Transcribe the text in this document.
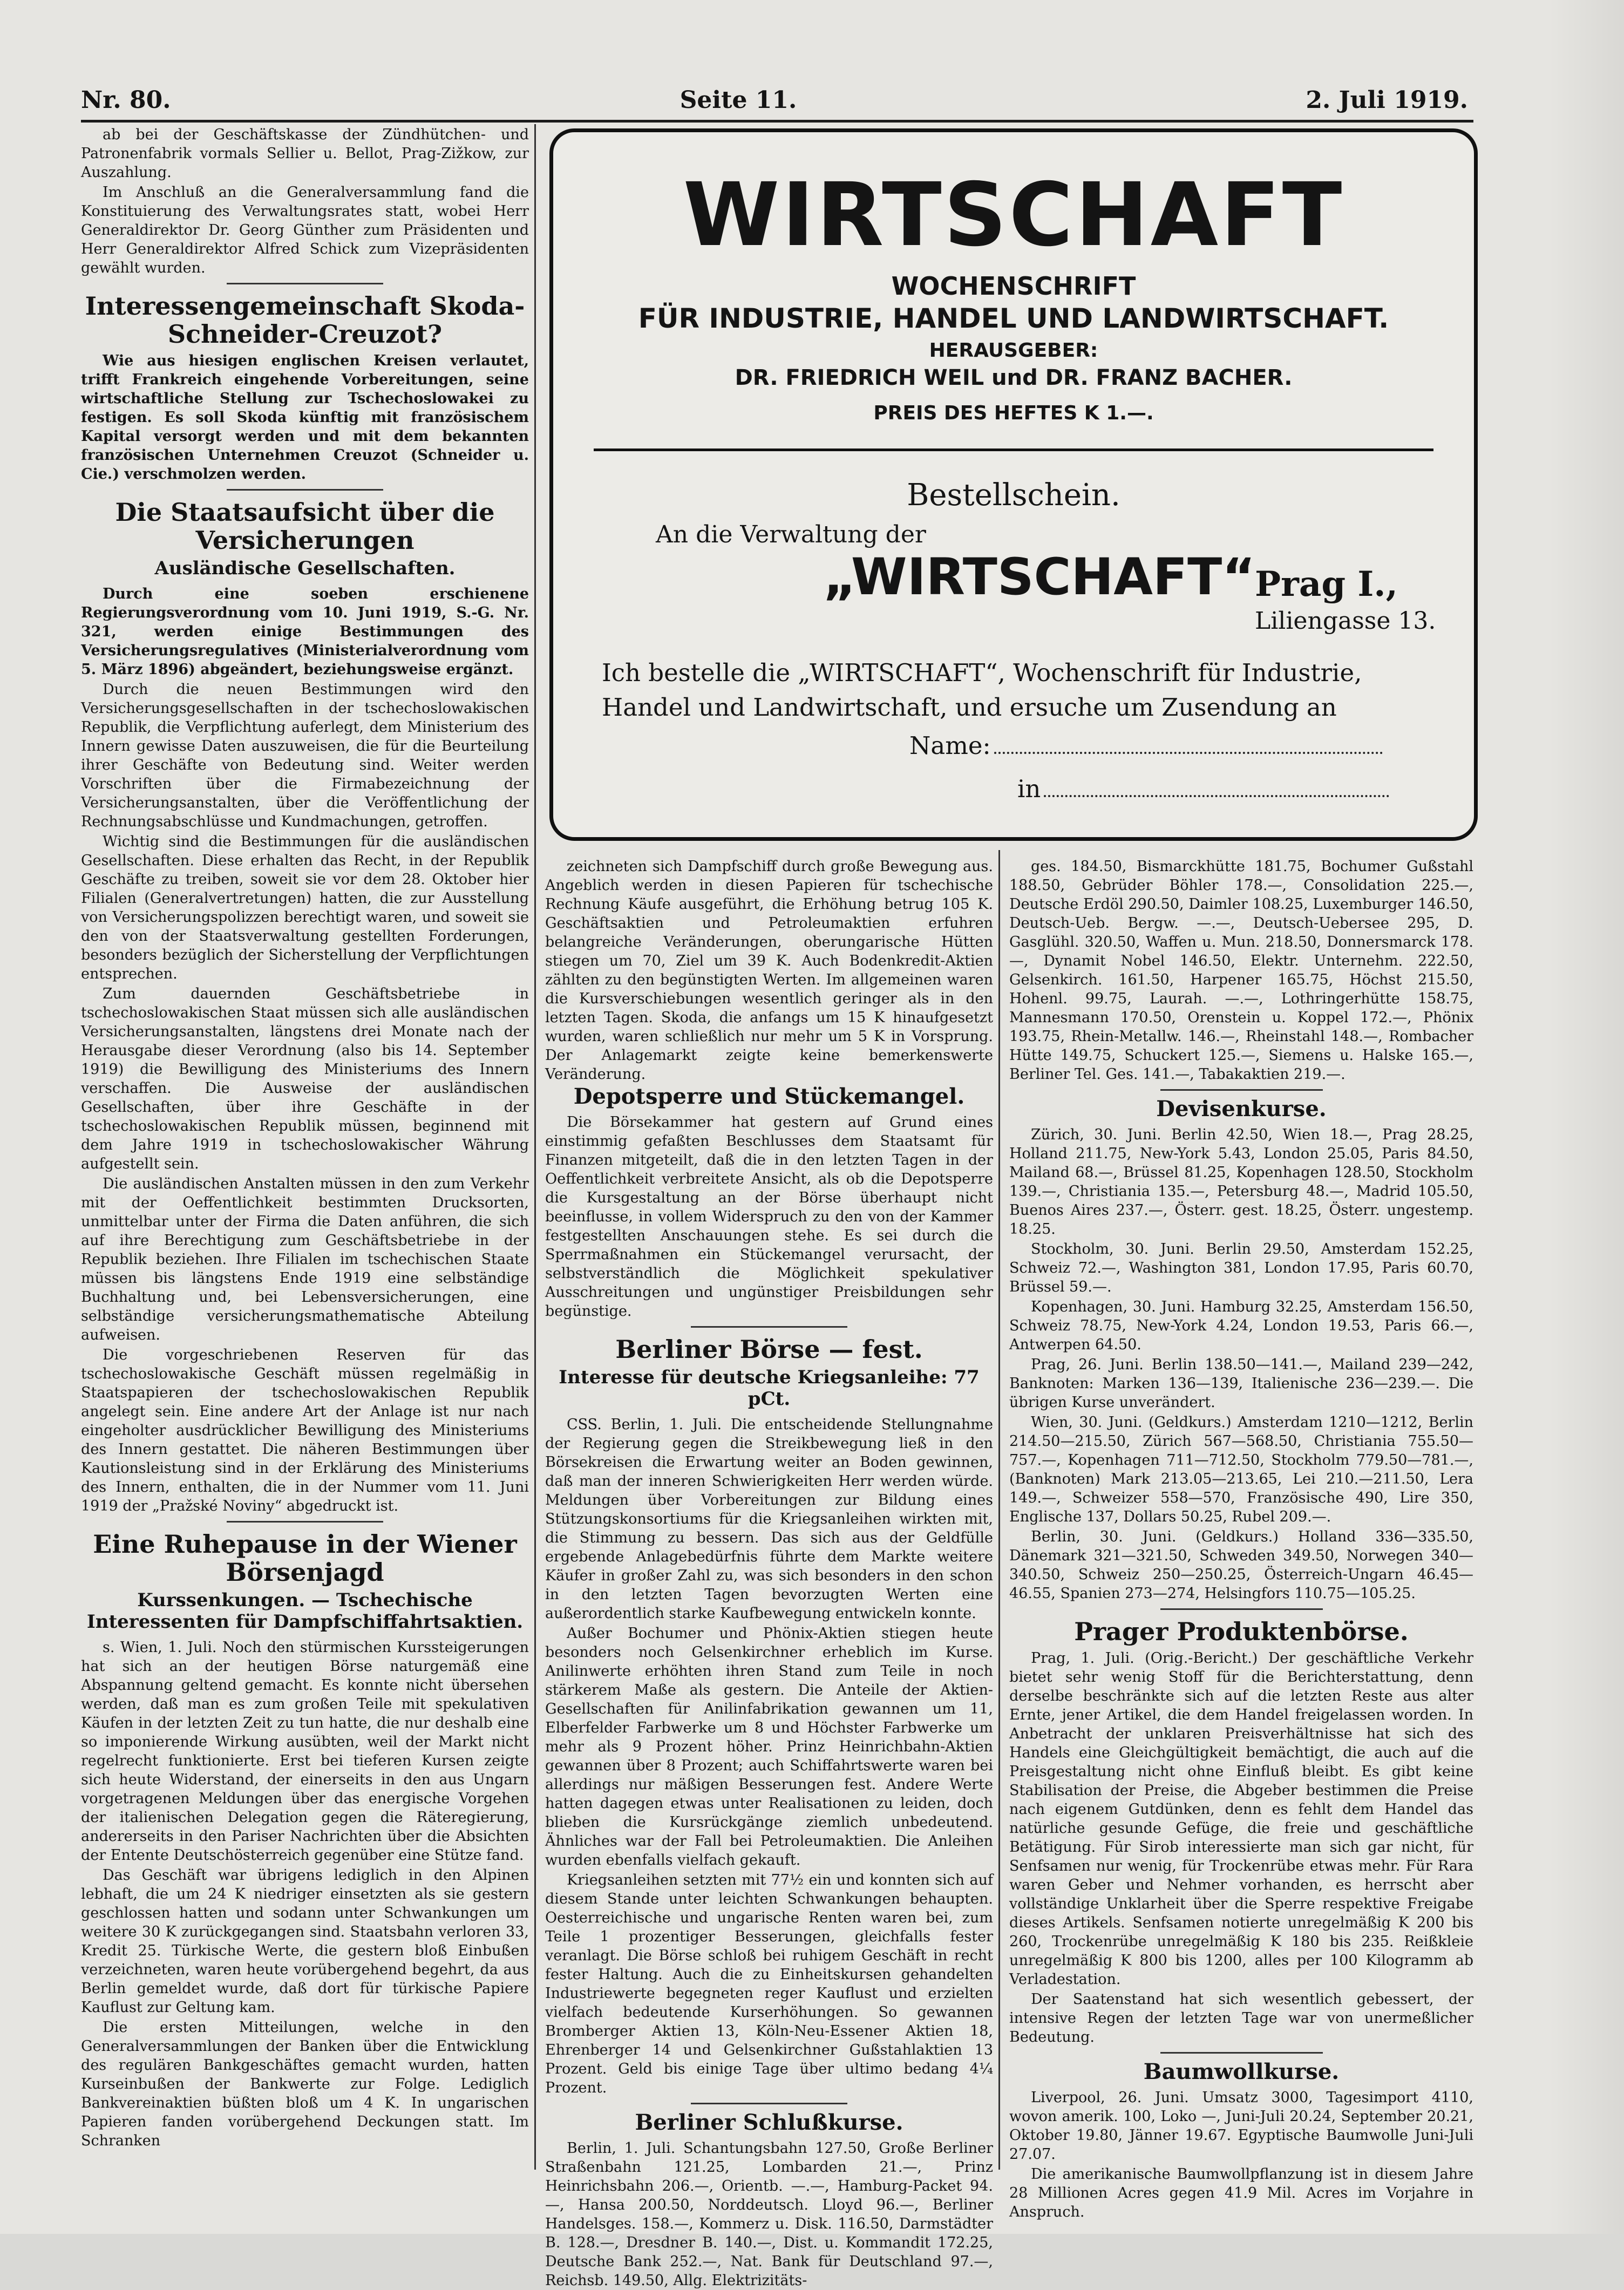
Nr. 80.	Seite 11.	2. Juli 1919.

ab bei der Geschäftskasse der Zündhütchen- und Patronenfabrik vormals Sellier u. Bellot, Prag-Zižkow, zur Auszahlung.

Im Anschluß an die Generalversammlung fand die Konstituierung des Verwaltungsrates statt, wobei Herr Generaldirektor Dr. Georg Günther zum Präsidenten und Herr Generaldirektor Alfred Schick zum Vizepräsidenten gewählt wurden.

Interessengemeinschaft Skoda-Schneider-Creuzot?

Wie aus hiesigen englischen Kreisen verlautet, trifft Frankreich eingehende Vorbereitungen, seine wirtschaftliche Stellung zur Tschechoslowakei zu festigen. Es soll Skoda künftig mit französischem Kapital versorgt werden und mit dem bekannten französischen Unternehmen Creuzot (Schneider u. Cie.) verschmolzen werden.

Die Staatsaufsicht über die Versicherungen
Ausländische Gesellschaften.

Durch eine soeben erschienene Regierungsverordnung vom 10. Juni 1919, S.-G. Nr. 321, werden einige Bestimmungen des Versicherungsregulatives (Ministerialverordnung vom 5. März 1896) abgeändert, beziehungsweise ergänzt.

Durch die neuen Bestimmungen wird den Versicherungsgesellschaften in der tschechoslowakischen Republik, die Verpflichtung auferlegt, dem Ministerium des Innern gewisse Daten auszuweisen, die für die Beurteilung ihrer Geschäfte von Bedeutung sind. Weiter werden Vorschriften über die Firmabezeichnung der Versicherungsanstalten, über die Veröffentlichung der Rechnungsabschlüsse und Kundmachungen, getroffen.

Wichtig sind die Bestimmungen für die ausländischen Gesellschaften. Diese erhalten das Recht, in der Republik Geschäfte zu treiben, soweit sie vor dem 28. Oktober hier Filialen (Generalvertretungen) hatten, die zur Ausstellung von Versicherungspolizzen berechtigt waren, und soweit sie den von der Staatsverwaltung gestellten Forderungen, besonders bezüglich der Sicherstellung der Verpflichtungen entsprechen.

Zum dauernden Geschäftsbetriebe in tschechoslowakischen Staat müssen sich alle ausländischen Versicherungsanstalten, längstens drei Monate nach der Herausgabe dieser Verordnung (also bis 14. September 1919) die Bewilligung des Ministeriums des Innern verschaffen. Die Ausweise der ausländischen Gesellschaften, über ihre Geschäfte in der tschechoslowakischen Republik müssen, beginnend mit dem Jahre 1919 in tschechoslowakischer Währung aufgestellt sein.

Die ausländischen Anstalten müssen in den zum Verkehr mit der Oeffentlichkeit bestimmten Drucksorten, unmittelbar unter der Firma die Daten anführen, die sich auf ihre Berechtigung zum Geschäftsbetriebe in der Republik beziehen. Ihre Filialen im tschechischen Staate müssen bis längstens Ende 1919 eine selbständige Buchhaltung und, bei Lebensversicherungen, eine selbständige versicherungsmathematische Abteilung aufweisen.

Die vorgeschriebenen Reserven für das tschechoslowakische Geschäft müssen regelmäßig in Staatspapieren der tschechoslowakischen Republik angelegt sein. Eine andere Art der Anlage ist nur nach eingeholter ausdrücklicher Bewilligung des Ministeriums des Innern gestattet. Die näheren Bestimmungen über Kautionsleistung sind in der Erklärung des Ministeriums des Innern, enthalten, die in der Nummer vom 11. Juni 1919 der „Pražské Noviny“ abgedruckt ist.

Eine Ruhepause in der Wiener Börsenjagd
Kurssenkungen. — Tschechische Interessenten für Dampfschiffahrtsaktien.

s. Wien, 1. Juli. Noch den stürmischen Kurssteigerungen hat sich an der heutigen Börse naturgemäß eine Abspannung geltend gemacht. Es konnte nicht übersehen werden, daß man es zum großen Teile mit spekulativen Käufen in der letzten Zeit zu tun hatte, die nur deshalb eine so imponierende Wirkung ausübten, weil der Markt nicht regelrecht funktionierte. Erst bei tieferen Kursen zeigte sich heute Widerstand, der einerseits in den aus Ungarn vorgetragenen Meldungen über das energische Vorgehen der italienischen Delegation gegen die Räteregierung, andererseits in den Pariser Nachrichten über die Absichten der Entente Deutschösterreich gegenüber eine Stütze fand.

Das Geschäft war übrigens lediglich in den Alpinen lebhaft, die um 24 K niedriger einsetzten als sie gestern geschlossen hatten und sodann unter Schwankungen um weitere 30 K zurückgegangen sind. Staatsbahn verloren 33, Kredit 25. Türkische Werte, die gestern bloß Einbußen verzeichneten, waren heute vorübergehend begehrt, da aus Berlin gemeldet wurde, daß dort für türkische Papiere Kauflust zur Geltung kam.

Die ersten Mitteilungen, welche in den Generalversammlungen der Banken über die Entwicklung des regulären Bankgeschäftes gemacht wurden, hatten Kurseinbußen der Bankwerte zur Folge. Lediglich Bankvereinaktien büßten bloß um 4 K. In ungarischen Papieren fanden vorübergehend Deckungen statt. Im Schranken

WIRTSCHAFT
WOCHENSCHRIFT
FÜR INDUSTRIE, HANDEL UND LANDWIRTSCHAFT.
HERAUSGEBER:
DR. FRIEDRICH WEIL und DR. FRANZ BACHER.
PREIS DES HEFTES K 1.—.
Bestellschein.
An die Verwaltung der
„WIRTSCHAFT“
Prag I.,
Liliengasse 13.
Ich bestelle die „WIRTSCHAFT“, Wochenschrift für Industrie, Handel und Landwirtschaft, und ersuche um Zusendung an
Name:
in

zeichneten sich Dampfschiff durch große Bewegung aus. Angeblich werden in diesen Papieren für tschechische Rechnung Käufe ausgeführt, die Erhöhung betrug 105 K. Geschäftsaktien und Petroleumaktien erfuhren belangreiche Veränderungen, oberungarische Hütten stiegen um 70, Ziel um 39 K. Auch Bodenkredit-Aktien zählten zu den begünstigten Werten. Im allgemeinen waren die Kursverschiebungen wesentlich geringer als in den letzten Tagen. Skoda, die anfangs um 15 K hinaufgesetzt wurden, waren schließlich nur mehr um 5 K in Vorsprung. Der Anlagemarkt zeigte keine bemerkenswerte Veränderung.

Depotsperre und Stückemangel.

Die Börsekammer hat gestern auf Grund eines einstimmig gefaßten Beschlusses dem Staatsamt für Finanzen mitgeteilt, daß die in den letzten Tagen in der Oeffentlichkeit verbreitete Ansicht, als ob die Depotsperre die Kursgestaltung an der Börse überhaupt nicht beeinflusse, in vollem Widerspruch zu den von der Kammer festgestellten Anschauungen stehe. Es sei durch die Sperrmaßnahmen ein Stückemangel verursacht, der selbstverständlich die Möglichkeit spekulativer Ausschreitungen und ungünstiger Preisbildungen sehr begünstige.

Berliner Börse — fest.
Interesse für deutsche Kriegsanleihe: 77 pCt.

CSS. Berlin, 1. Juli. Die entscheidende Stellungnahme der Regierung gegen die Streikbewegung ließ in den Börsekreisen die Erwartung weiter an Boden gewinnen, daß man der inneren Schwierigkeiten Herr werden würde. Meldungen über Vorbereitungen zur Bildung eines Stützungskonsortiums für die Kriegsanleihen wirkten mit, die Stimmung zu bessern. Das sich aus der Geldfülle ergebende Anlagebedürfnis führte dem Markte weitere Käufer in großer Zahl zu, was sich besonders in den schon in den letzten Tagen bevorzugten Werten eine außerordentlich starke Kaufbewegung entwickeln konnte.

Außer Bochumer und Phönix-Aktien stiegen heute besonders noch Gelsenkirchner erheblich im Kurse. Anilinwerte erhöhten ihren Stand zum Teile in noch stärkerem Maße als gestern. Die Anteile der Aktien-Gesellschaften für Anilinfabrikation gewannen um 11, Elberfelder Farbwerke um 8 und Höchster Farbwerke um mehr als 9 Prozent höher. Prinz Heinrichbahn-Aktien gewannen über 8 Prozent; auch Schiffahrtswerte waren bei allerdings nur mäßigen Besserungen fest. Andere Werte hatten dagegen etwas unter Realisationen zu leiden, doch blieben die Kursrückgänge ziemlich unbedeutend. Ähnliches war der Fall bei Petroleumaktien. Die Anleihen wurden ebenfalls vielfach gekauft.

Kriegsanleihen setzten mit 77½ ein und konnten sich auf diesem Stande unter leichten Schwankungen behaupten. Oesterreichische und ungarische Renten waren bei, zum Teile 1 prozentiger Besserungen, gleichfalls fester veranlagt. Die Börse schloß bei ruhigem Geschäft in recht fester Haltung. Auch die zu Einheitskursen gehandelten Industriewerte begegneten reger Kauflust und erzielten vielfach bedeutende Kurserhöhungen. So gewannen Bromberger Aktien 13, Köln-Neu-Essener Aktien 18, Ehrenberger 14 und Gelsenkirchner Gußstahlaktien 13 Prozent. Geld bis einige Tage über ultimo bedang 4¼ Prozent.

Berliner Schlußkurse.

Berlin, 1. Juli. Schantungsbahn 127.50, Große Berliner Straßenbahn 121.25, Lombarden 21.—, Prinz Heinrichsbahn 206.—, Orientb. —.—, Hamburg-Packet 94.—, Hansa 200.50, Norddeutsch. Lloyd 96.—, Berliner Handelsges. 158.—, Kommerz u. Disk. 116.50, Darmstädter B. 128.—, Dresdner B. 140.—, Dist. u. Kommandit 172.25, Deutsche Bank 252.—, Nat. Bank für Deutschland 97.—, Reichsb. 149.50, Allg. Elektrizitäts-

ges. 184.50, Bismarckhütte 181.75, Bochumer Gußstahl 188.50, Gebrüder Böhler 178.—, Consolidation 225.—, Deutsche Erdöl 290.50, Daimler 108.25, Luxemburger 146.50, Deutsch-Ueb. Bergw. —.—, Deutsch-Uebersee 295, D. Gasglühl. 320.50, Waffen u. Mun. 218.50, Donnersmarck 178.—, Dynamit Nobel 146.50, Elektr. Unternehm. 222.50, Gelsenkirch. 161.50, Harpener 165.75, Höchst 215.50, Hohenl. 99.75, Laurah. —.—, Lothringerhütte 158.75, Mannesmann 170.50, Orenstein u. Koppel 172.—, Phönix 193.75, Rhein-Metallw. 146.—, Rheinstahl 148.—, Rombacher Hütte 149.75, Schuckert 125.—, Siemens u. Halske 165.—, Berliner Tel. Ges. 141.—, Tabakaktien 219.—.

Devisenkurse.

Zürich, 30. Juni. Berlin 42.50, Wien 18.—, Prag 28.25, Holland 211.75, New-York 5.43, London 25.05, Paris 84.50, Mailand 68.—, Brüssel 81.25, Kopenhagen 128.50, Stockholm 139.—, Christiania 135.—, Petersburg 48.—, Madrid 105.50, Buenos Aires 237.—, Österr. gest. 18.25, Österr. ungestemp. 18.25.

Stockholm, 30. Juni. Berlin 29.50, Amsterdam 152.25, Schweiz 72.—, Washington 381, London 17.95, Paris 60.70, Brüssel 59.—.

Kopenhagen, 30. Juni. Hamburg 32.25, Amsterdam 156.50, Schweiz 78.75, New-York 4.24, London 19.53, Paris 66.—, Antwerpen 64.50.

Prag, 26. Juni. Berlin 138.50—141.—, Mailand 239—242, Banknoten: Marken 136—139, Italienische 236—239.—. Die übrigen Kurse unverändert.

Wien, 30. Juni. (Geldkurs.) Amsterdam 1210—1212, Berlin 214.50—215.50, Zürich 567—568.50, Christiania 755.50—757.—, Kopenhagen 711—712.50, Stockholm 779.50—781.—, (Banknoten) Mark 213.05—213.65, Lei 210.—211.50, Lera 149.—, Schweizer 558—570, Französische 490, Lire 350, Englische 137, Dollars 50.25, Rubel 209.—.

Berlin, 30. Juni. (Geldkurs.) Holland 336—335.50, Dänemark 321—321.50, Schweden 349.50, Norwegen 340—340.50, Schweiz 250—250.25, Österreich-Ungarn 46.45—46.55, Spanien 273—274, Helsingfors 110.75—105.25.

Prager Produktenbörse.

Prag, 1. Juli. (Orig.-Bericht.) Der geschäftliche Verkehr bietet sehr wenig Stoff für die Berichterstattung, denn derselbe beschränkte sich auf die letzten Reste aus alter Ernte, jener Artikel, die dem Handel freigelassen worden. In Anbetracht der unklaren Preisverhältnisse hat sich des Handels eine Gleichgültigkeit bemächtigt, die auch auf die Preisgestaltung nicht ohne Einfluß bleibt. Es gibt keine Stabilisation der Preise, die Abgeber bestimmen die Preise nach eigenem Gutdünken, denn es fehlt dem Handel das natürliche gesunde Gefüge, die freie und geschäftliche Betätigung. Für Sirob interessierte man sich gar nicht, für Senfsamen nur wenig, für Trockenrübe etwas mehr. Für Rara waren Geber und Nehmer vorhanden, es herrscht aber vollständige Unklarheit über die Sperre respektive Freigabe dieses Artikels. Senfsamen notierte unregelmäßig K 200 bis 260, Trockenrübe unregelmäßig K 180 bis 235. Reißkleie unregelmäßig K 800 bis 1200, alles per 100 Kilogramm ab Verladestation.

Der Saatenstand hat sich wesentlich gebessert, der intensive Regen der letzten Tage war von unermeßlicher Bedeutung.

Baumwollkurse.

Liverpool, 26. Juni. Umsatz 3000, Tagesimport 4110, wovon amerik. 100, Loko —, Juni-Juli 20.24, September 20.21, Oktober 19.80, Jänner 19.67. Egyptische Baumwolle Juni-Juli 27.07.

Die amerikanische Baumwollpflanzung ist in diesem Jahre 28 Millionen Acres gegen 41.9 Mil. Acres im Vorjahre in Anspruch.
